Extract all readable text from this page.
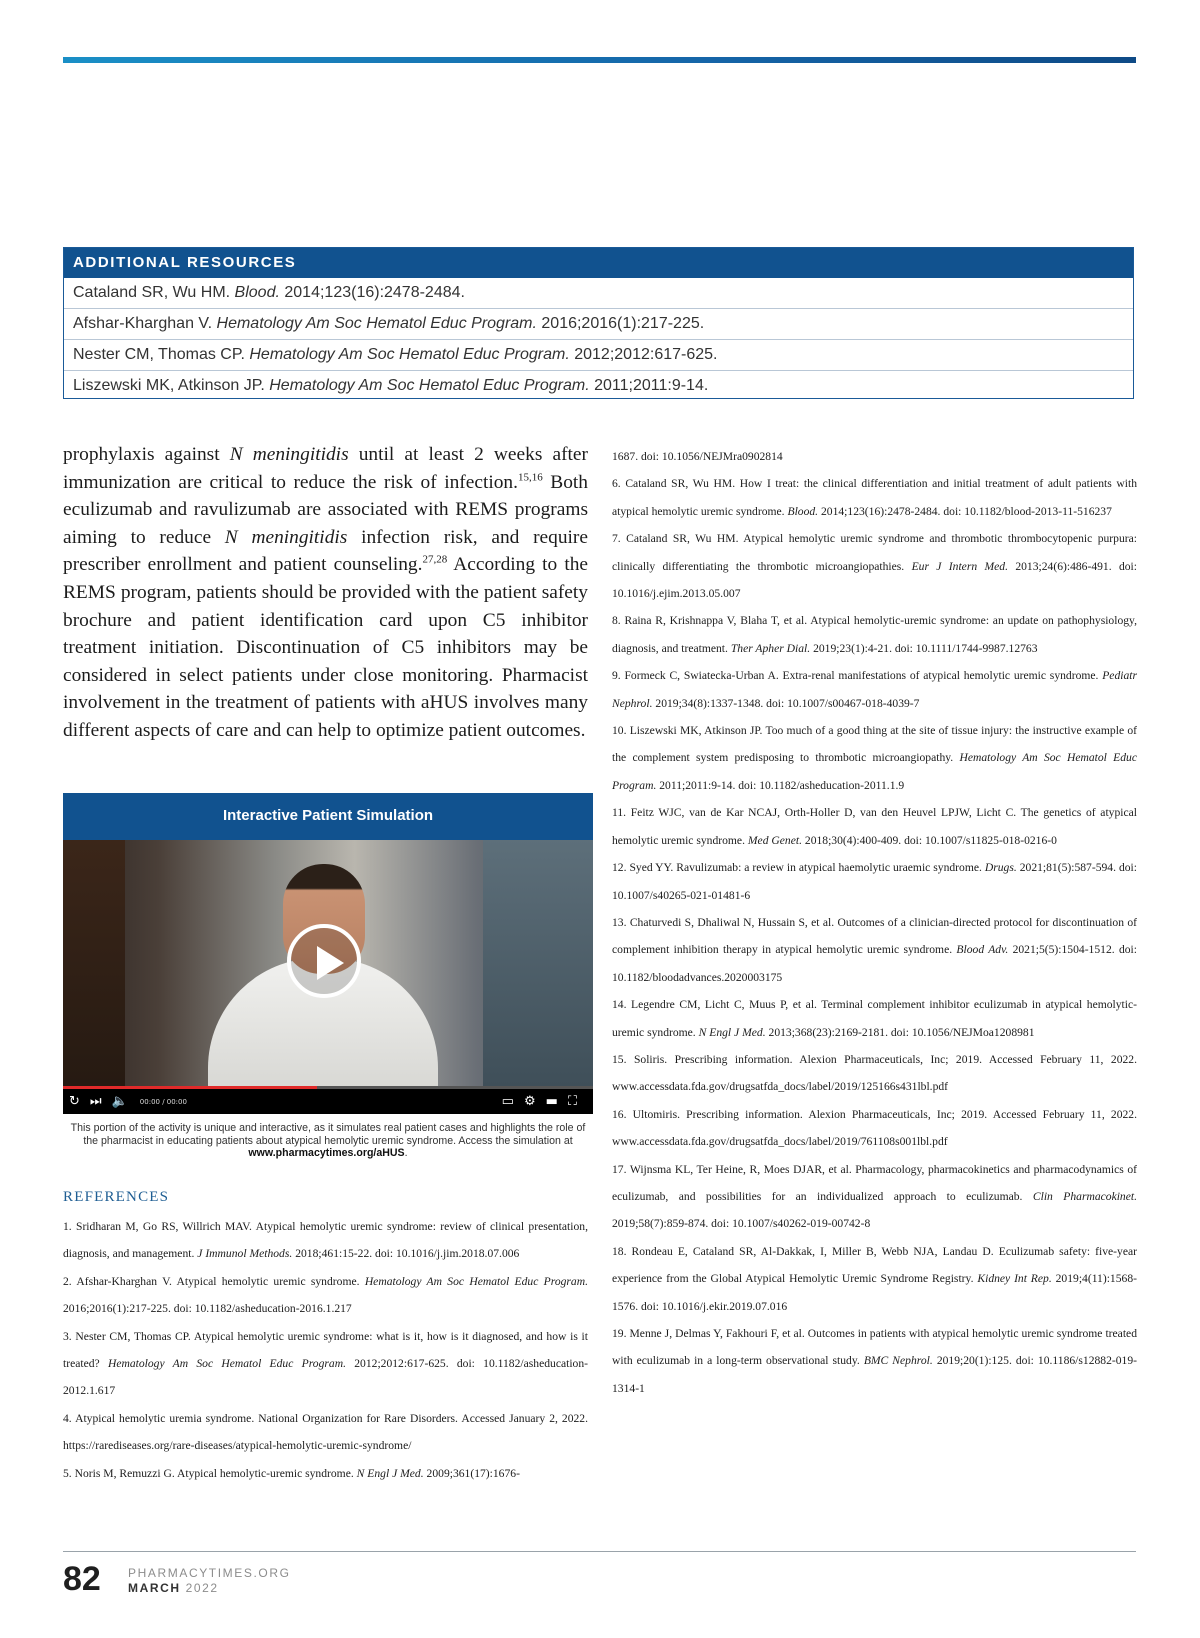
ADDITIONAL RESOURCES
Cataland SR, Wu HM. Blood. 2014;123(16):2478-2484.
Afshar-Kharghan V. Hematology Am Soc Hematol Educ Program. 2016;2016(1):217-225.
Nester CM, Thomas CP. Hematology Am Soc Hematol Educ Program. 2012;2012:617-625.
Liszewski MK, Atkinson JP. Hematology Am Soc Hematol Educ Program. 2011;2011:9-14.
prophylaxis against N meningitidis until at least 2 weeks after immunization are critical to reduce the risk of infection.$^{15,16}$ Both eculizumab and ravulizumab are associated with REMS programs aiming to reduce N meningitidis infection risk, and require prescriber enrollment and patient counseling.$^{27,28}$ According to the REMS program, patients should be provided with the patient safety brochure and patient identification card upon C5 inhibitor treatment initiation. Discontinuation of C5 inhibitors may be considered in select patients under close monitoring. Pharmacist involvement in the treatment of patients with aHUS involves many different aspects of care and can help to optimize patient outcomes.
Interactive Patient Simulation
↻ ⏭ 🔈 00:00 / 00:00	▭ ⚙ ▬ ⛶
This portion of the activity is unique and interactive, as it simulates real patient cases and highlights the role of the pharmacist in educating patients about atypical hemolytic uremic syndrome. Access the simulation at www.pharmacytimes.org/aHUS.
REFERENCES
1. Sridharan M, Go RS, Willrich MAV. Atypical hemolytic uremic syndrome: review of clinical presentation, diagnosis, and management. J Immunol Methods. 2018;461:15-22. doi: 10.1016/j.jim.2018.07.006
2. Afshar-Kharghan V. Atypical hemolytic uremic syndrome. Hematology Am Soc Hematol Educ Program. 2016;2016(1):217-225. doi: 10.1182/asheducation-2016.1.217
3. Nester CM, Thomas CP. Atypical hemolytic uremic syndrome: what is it, how is it diagnosed, and how is it treated? Hematology Am Soc Hematol Educ Program. 2012;2012:617-625. doi: 10.1182/asheducation-2012.1.617
4. Atypical hemolytic uremia syndrome. National Organization for Rare Disorders. Accessed January 2, 2022. https://rarediseases.org/rare-diseases/atypical-hemolytic-uremic-syndrome/
5. Noris M, Remuzzi G. Atypical hemolytic-uremic syndrome. N Engl J Med. 2009;361(17):1676-
1687. doi: 10.1056/NEJMra0902814
6. Cataland SR, Wu HM. How I treat: the clinical differentiation and initial treatment of adult patients with atypical hemolytic uremic syndrome. Blood. 2014;123(16):2478-2484. doi: 10.1182/blood-2013-11-516237
7. Cataland SR, Wu HM. Atypical hemolytic uremic syndrome and thrombotic thrombocytopenic purpura: clinically differentiating the thrombotic microangiopathies. Eur J Intern Med. 2013;24(6):486-491. doi: 10.1016/j.ejim.2013.05.007
8. Raina R, Krishnappa V, Blaha T, et al. Atypical hemolytic-uremic syndrome: an update on pathophysiology, diagnosis, and treatment. Ther Apher Dial. 2019;23(1):4-21. doi: 10.1111/1744-9987.12763
9. Formeck C, Swiatecka-Urban A. Extra-renal manifestations of atypical hemolytic uremic syndrome. Pediatr Nephrol. 2019;34(8):1337-1348. doi: 10.1007/s00467-018-4039-7
10. Liszewski MK, Atkinson JP. Too much of a good thing at the site of tissue injury: the instructive example of the complement system predisposing to thrombotic microangiopathy. Hematology Am Soc Hematol Educ Program. 2011;2011:9-14. doi: 10.1182/asheducation-2011.1.9
11. Feitz WJC, van de Kar NCAJ, Orth-Holler D, van den Heuvel LPJW, Licht C. The genetics of atypical hemolytic uremic syndrome. Med Genet. 2018;30(4):400-409. doi: 10.1007/s11825-018-0216-0
12. Syed YY. Ravulizumab: a review in atypical haemolytic uraemic syndrome. Drugs. 2021;81(5):587-594. doi: 10.1007/s40265-021-01481-6
13. Chaturvedi S, Dhaliwal N, Hussain S, et al. Outcomes of a clinician-directed protocol for discontinuation of complement inhibition therapy in atypical hemolytic uremic syndrome. Blood Adv. 2021;5(5):1504-1512. doi: 10.1182/bloodadvances.2020003175
14. Legendre CM, Licht C, Muus P, et al. Terminal complement inhibitor eculizumab in atypical hemolytic-uremic syndrome. N Engl J Med. 2013;368(23):2169-2181. doi: 10.1056/NEJMoa1208981
15. Soliris. Prescribing information. Alexion Pharmaceuticals, Inc; 2019. Accessed February 11, 2022. www.accessdata.fda.gov/drugsatfda_docs/label/2019/125166s431lbl.pdf
16. Ultomiris. Prescribing information. Alexion Pharmaceuticals, Inc; 2019. Accessed February 11, 2022. www.accessdata.fda.gov/drugsatfda_docs/label/2019/761108s001lbl.pdf
17. Wijnsma KL, Ter Heine, R, Moes DJAR, et al. Pharmacology, pharmacokinetics and pharmacodynamics of eculizumab, and possibilities for an individualized approach to eculizumab. Clin Pharmacokinet. 2019;58(7):859-874. doi: 10.1007/s40262-019-00742-8
18. Rondeau E, Cataland SR, Al-Dakkak, I, Miller B, Webb NJA, Landau D. Eculizumab safety: five-year experience from the Global Atypical Hemolytic Uremic Syndrome Registry. Kidney Int Rep. 2019;4(11):1568-1576. doi: 10.1016/j.ekir.2019.07.016
19. Menne J, Delmas Y, Fakhouri F, et al. Outcomes in patients with atypical hemolytic uremic syndrome treated with eculizumab in a long-term observational study. BMC Nephrol. 2019;20(1):125. doi: 10.1186/s12882-019-1314-1
82 PHARMACYTIMES.ORG
MARCH 2022
